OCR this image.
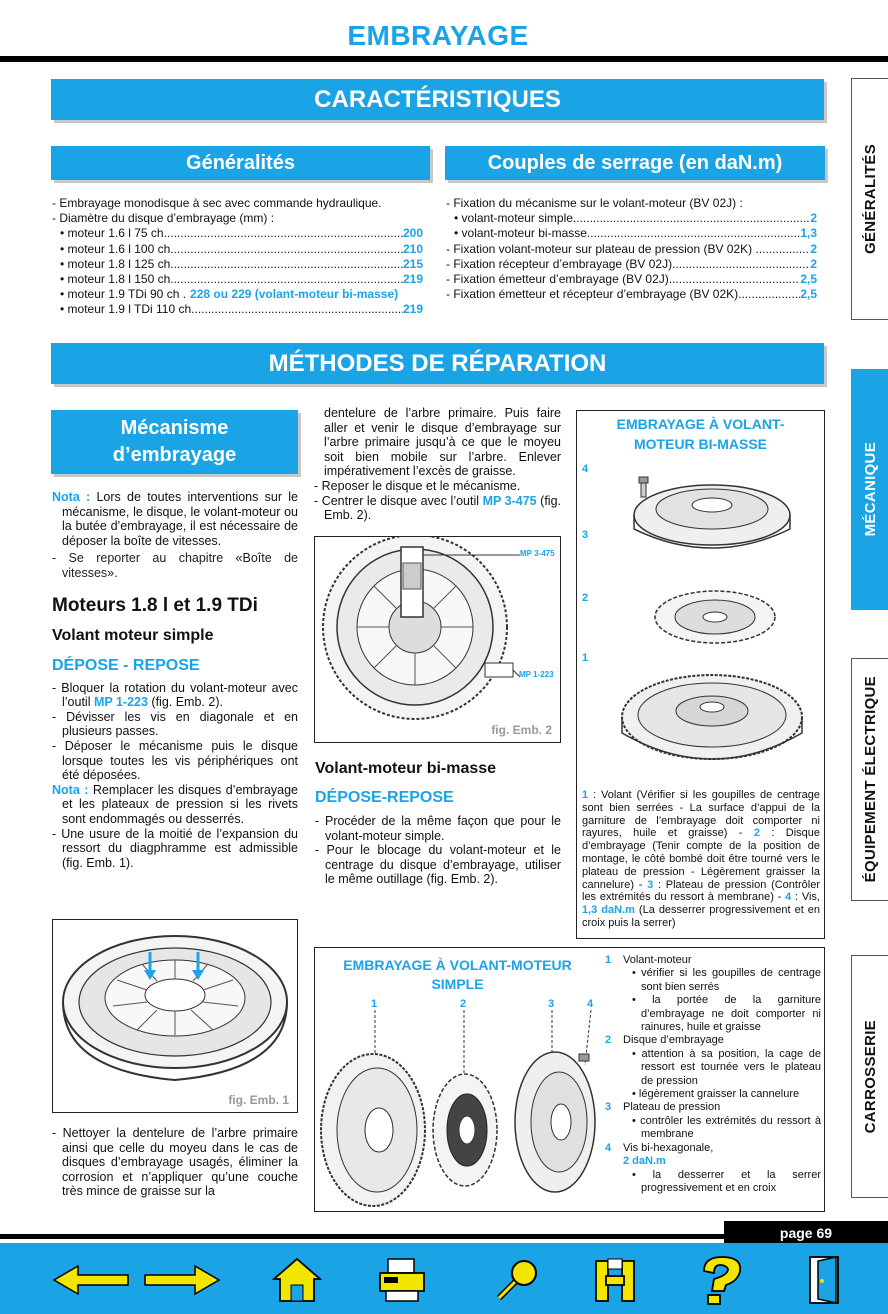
EMBRAYAGE
CARACTÉRISTIQUES
Généralités	Couples de serrage (en daN.m)
- Embrayage monodisque à sec avec commande hydraulique.
- Diamètre du disque d’embrayage (mm) :
• moteur 1.6 l 75 ch .....	200
• moteur 1.6 l 100 ch .....	210
• moteur 1.8 l 125 ch .....	215
• moteur 1.8 l 150 ch .....	219
• moteur 1.9 TDi 90 ch . 228 ou 229 (volant-moteur bi-masse)
• moteur 1.9 l TDi 110 ch .....	219
- Fixation du mécanisme sur le volant-moteur (BV 02J) :
• volant-moteur simple .....	2
• volant-moteur bi-masse .....	1,3
- Fixation volant-moteur sur plateau de pression (BV 02K) .. .....	2
- Fixation récepteur d’embrayage (BV 02J) .....	2
- Fixation émetteur d’embrayage (BV 02J) .....	2,5
- Fixation émetteur et récepteur d’embrayage (BV 02K).... .....	2,5
MÉTHODES DE RÉPARATION
Mécanisme
d’embrayage
Nota : Lors de toutes interventions sur le mécanisme, le disque, le volant-moteur ou la butée d’embrayage, il est nécessaire de déposer la boîte de vitesses.
- Se reporter au chapitre «Boîte de vitesses».
Moteurs 1.8 l et 1.9 TDi
Volant moteur simple
DÉPOSE - REPOSE
- Bloquer la rotation du volant-moteur avec l’outil MP 1-223 (fig. Emb. 2).
- Dévisser les vis en diagonale et en plusieurs passes.
- Déposer le mécanisme puis le disque lorsque toutes les vis périphériques ont été déposées.
Nota : Remplacer les disques d’embrayage et les plateaux de pression si les rivets sont endommagés ou desserrés.
- Une usure de la moitié de l’expansion du ressort du diagphramme est admissible (fig. Emb. 1).
fig. Emb. 1
- Nettoyer la dentelure de l’arbre primaire ainsi que celle du moyeu dans le cas de disques d’embrayage usagés, éliminer la corrosion et n’appliquer qu’une couche très mince de graisse sur la
dentelure de l’arbre primaire. Puis faire aller et venir le disque d’embrayage sur l’arbre primaire jusqu’à ce que le moyeu soit bien mobile sur l’arbre. Enlever impérativement l’excès de graisse.
- Reposer le disque et le mécanisme.
- Centrer le disque avec l’outil MP 3-475 (fig. Emb. 2).
MP 3-475
MP 1-223
fig. Emb. 2
Volant-moteur bi-masse
DÉPOSE-REPOSE
- Procéder de la même façon que pour le volant-moteur simple.
- Pour le blocage du volant-moteur et le centrage du disque d’embrayage, utiliser le même outillage (fig. Emb. 2).
EMBRAYAGE À VOLANT-
MOTEUR BI-MASSE
4
3
2
1
1 : Volant (Vérifier si les goupilles de centrage sont bien serrées - La surface d’appui de la garniture de l’embrayage doit comporter ni rayures, huile et graisse) - 2 : Disque d’embrayage (Tenir compte de la position de montage, le côté bombé doit être tourné vers le plateau de pression - Légèrement graisser la cannelure) - 3 : Plateau de pression (Contrôler les extrémités du ressort à membrane) - 4 : Vis, 1,3 daN.m (La desserrer progressivement et en croix puis la serrer)
EMBRAYAGE À VOLANT-MOTEUR
SIMPLE
1	2	3	4
1	Volant-moteur
• vérifier si les goupilles de centrage sont bien serrés
• la portée de la garniture d’embrayage ne doit comporter ni rainures, huile et graisse
2	Disque d’embrayage
• attention à sa position, la cage de ressort est tournée vers le plateau de pression
• légèrement graisser la cannelure
3	Plateau de pression
• contrôler les extrémités du ressort à membrane
4	Vis bi-hexagonale,
2 daN.m
• la desserrer et la serrer progressivement et en croix
GÉNÉRALITÉS
MÉCANIQUE
ÉQUIPEMENT ÉLECTRIQUE
CARROSSERIE
page 69
